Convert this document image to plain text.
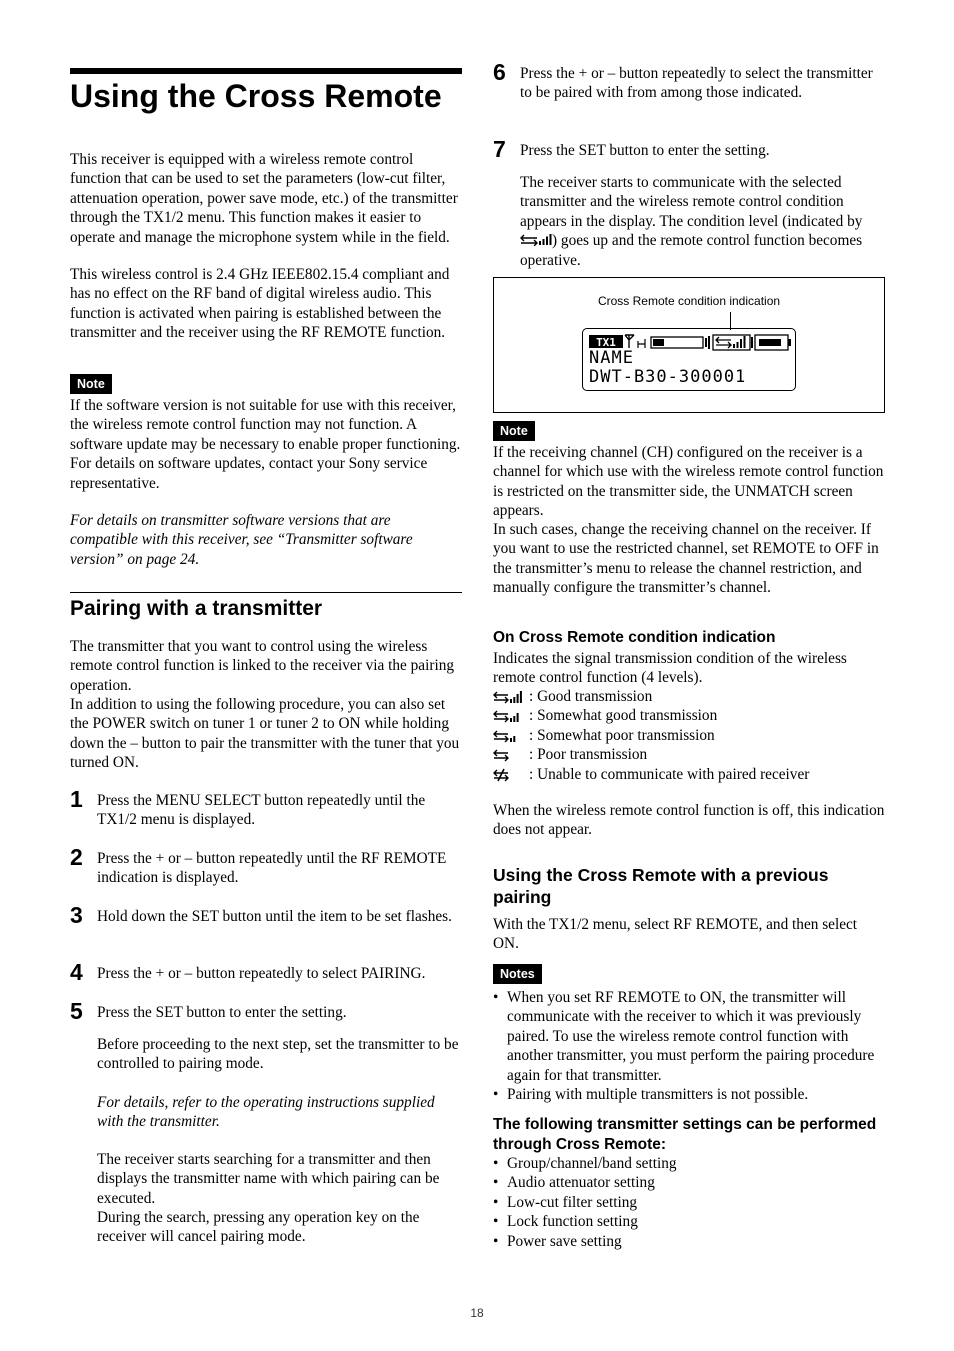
Using the Cross Remote

This receiver is equipped with a wireless remote control function that can be used to set the parameters (low-cut filter, attenuation operation, power save mode, etc.) of the transmitter through the TX1/2 menu. This function makes it easier to operate and manage the microphone system while in the field.

This wireless control is 2.4 GHz IEEE802.15.4 compliant and has no effect on the RF band of digital wireless audio. This function is activated when pairing is established between the transmitter and the receiver using the RF REMOTE function.

Note

If the software version is not suitable for use with this receiver, the wireless remote control function may not function. A software update may be necessary to enable proper functioning. For details on software updates, contact your Sony service representative.

For details on transmitter software versions that are compatible with this receiver, see “Transmitter software version” on page 24.

Pairing with a transmitter

The transmitter that you want to control using the wireless remote control function is linked to the receiver via the pairing operation.

In addition to using the following procedure, you can also set the POWER switch on tuner 1 or tuner 2 to ON while holding down the – button to pair the transmitter with the tuner that you turned ON.

1 Press the MENU SELECT button repeatedly until the TX1/2 menu is displayed.

2 Press the + or – button repeatedly until the RF REMOTE indication is displayed.

3 Hold down the SET button until the item to be set flashes.

4 Press the + or – button repeatedly to select PAIRING.

5 Press the SET button to enter the setting.

Before proceeding to the next step, set the transmitter to be controlled to pairing mode.

For details, refer to the operating instructions supplied with the transmitter.

The receiver starts searching for a transmitter and then displays the transmitter name with which pairing can be executed.

During the search, pressing any operation key on the receiver will cancel pairing mode.

6 Press the + or – button repeatedly to select the transmitter to be paired with from among those indicated.

7 Press the SET button to enter the setting.

The receiver starts to communicate with the selected transmitter and the wireless remote control condition appears in the display. The condition level (indicated by ) goes up and the remote control function becomes operative.

Cross Remote condition indication
TX1
NAME
DWT-B30-300001
Note

If the receiving channel (CH) configured on the receiver is a channel for which use with the wireless remote control function is restricted on the transmitter side, the UNMATCH screen appears.

In such cases, change the receiving channel on the receiver. If you want to use the restricted channel, set REMOTE to OFF in the transmitter’s menu to release the channel restriction, and manually configure the transmitter’s channel.

On Cross Remote condition indication

Indicates the signal transmission condition of the wireless remote control function (4 levels).

: Good transmission
: Somewhat good transmission
: Somewhat poor transmission
: Poor transmission
: Unable to communicate with paired receiver

When the wireless remote control function is off, this indication does not appear.

Using the Cross Remote with a previous pairing

With the TX1/2 menu, select RF REMOTE, and then select ON.

Notes
• When you set RF REMOTE to ON, the transmitter will communicate with the receiver to which it was previously paired. To use the wireless remote control function with another transmitter, you must perform the pairing procedure again for that transmitter.
• Pairing with multiple transmitters is not possible.
The following transmitter settings can be performed through Cross Remote:
• Group/channel/band setting
• Audio attenuator setting
• Low-cut filter setting
• Lock function setting
• Power save setting
18
